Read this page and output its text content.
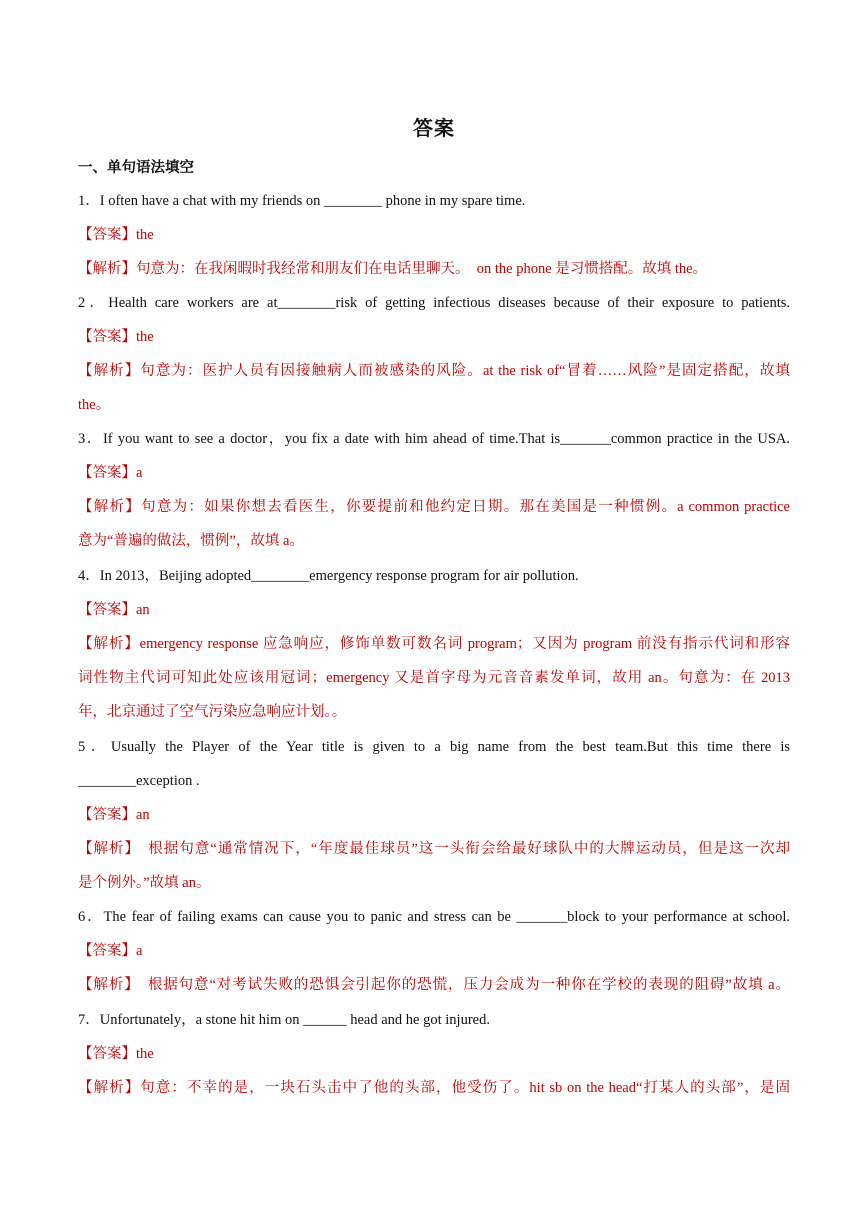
答案
一、单句语法填空
1．I often have a chat with my friends on ________ phone in my spare time.
【答案】the
【解析】句意为：在我闲暇时我经常和朋友们在电话里聊天。　on the phone 是习惯搭配。故填 the。
2．Health care workers are at________risk of getting infectious diseases because of their exposure to patients.
【答案】the
【解析】句意为：医护人员有因接触病人而被感染的风险。at the risk of“冒着……风险”是固定搭配，故填
the。
3．If you want to see a doctor，you fix a date with him ahead of time.That is_______common practice in the USA.
【答案】a
【解析】句意为：如果你想去看医生，你要提前和他约定日期。那在美国是一种惯例。a common practice
意为“普遍的做法，惯例”，故填 a。
4．In 2013，Beijing adopted________emergency response program for air pollution.
【答案】an
【解析】emergency response 应急响应，修饰单数可数名词 program；又因为 program 前没有指示代词和形容
词性物主代词可知此处应该用冠词；emergency 又是首字母为元音音素发单词，故用 an。句意为：在 2013
年，北京通过了空气污染应急响应计划。。
5．Usually the Player of the Year title is given to a big name from the best team.But this time there is
________exception .
【答案】an
【解析】　根据句意“通常情况下，“年度最佳球员”这一头衔会给最好球队中的大牌运动员，但是这一次却
是个例外。”故填 an。
6．The fear of failing exams can cause you to panic and stress can be _______block to your performance at school.
【答案】a
【解析】　根据句意“对考试失败的恐惧会引起你的恐慌，压力会成为一种你在学校的表现的阻碍”故填 a。
7．Unfortunately，a stone hit him on ______ head and he got injured.
【答案】the
【解析】句意：不幸的是，一块石头击中了他的头部，他受伤了。hit sb on the head“打某人的头部”，是固
